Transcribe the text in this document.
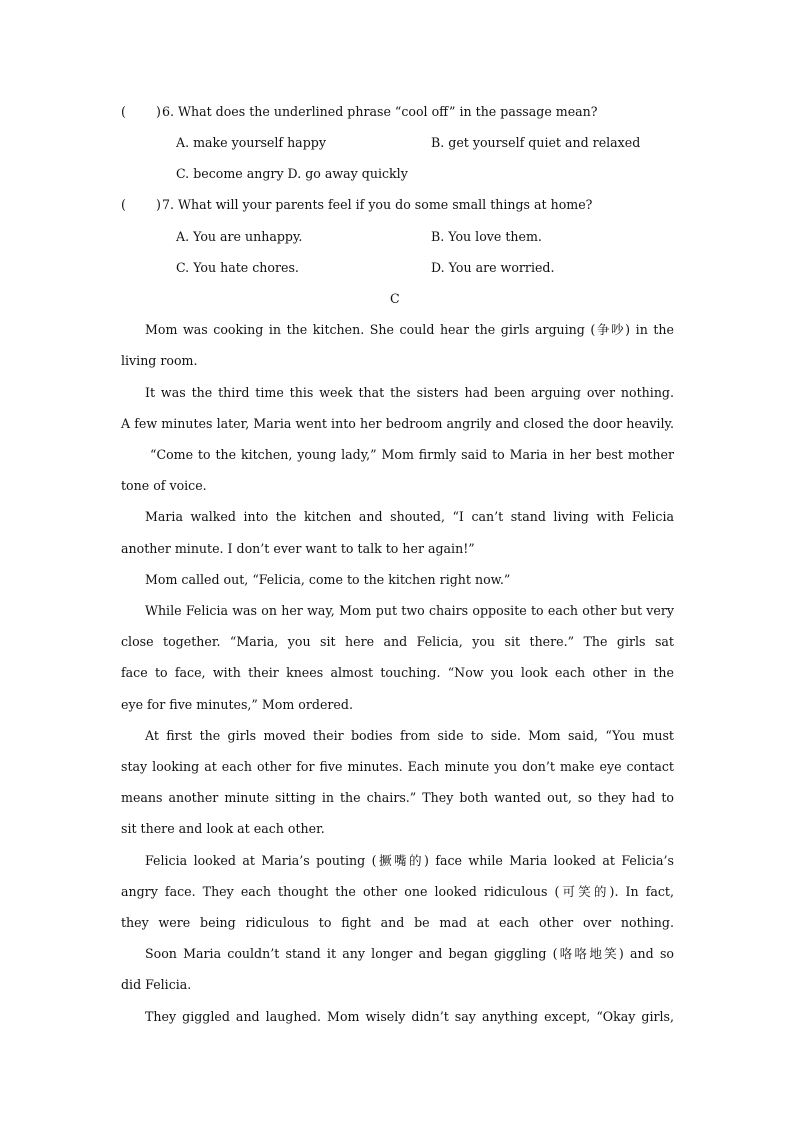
( ) 6. What does the underlined phrase “cool off” in the passage mean?
A. make yourself happy	B. get yourself quiet and relaxed
C. become angry D. go away quickly
( ) 7. What will your parents feel if you do some small things at home?
A. You are unhappy.	B. You love them.
C. You hate chores.	D. You are worried.
C
Mom was cooking in the kitchen. She could hear the girls arguing (争吵) in the
living room.
It was the third time this week that the sisters had been arguing over nothing.
A few minutes later, Maria went into her bedroom angrily and closed the door heavily.
“Come to the kitchen, young lady,” Mom firmly said to Maria in her best mother
tone of voice.
Maria walked into the kitchen and shouted, “I can’t stand living with Felicia
another minute. I don’t ever want to talk to her again!”
Mom called out, “Felicia, come to the kitchen right now.”
While Felicia was on her way, Mom put two chairs opposite to each other but very
close together. “Maria, you sit here and Felicia, you sit there.” The girls sat
face to face, with their knees almost touching. “Now you look each other in the
eye for five minutes,” Mom ordered.
At first the girls moved their bodies from side to side. Mom said, “You must
stay looking at each other for five minutes. Each minute you don’t make eye contact
means another minute sitting in the chairs.” They both wanted out, so they had to
sit there and look at each other.
Felicia looked at Maria’s pouting (撅嘴的) face while Maria looked at Felicia’s
angry face. They each thought the other one looked ridiculous (可笑的). In fact,
they were being ridiculous to fight and be mad at each other over nothing.
Soon Maria couldn’t stand it any longer and began giggling (咯咯地笑) and so
did Felicia.
They giggled and laughed. Mom wisely didn’t say anything except, “Okay girls,
